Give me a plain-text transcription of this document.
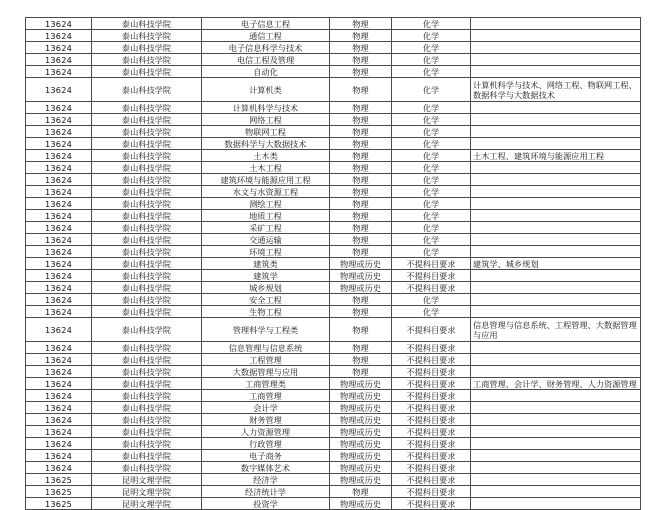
13624	泰山科技学院	电子信息工程	物理	化学	
13624	泰山科技学院	通信工程	物理	化学	
13624	泰山科技学院	电子信息科学与技术	物理	化学	
13624	泰山科技学院	电信工程及管理	物理	化学	
13624	泰山科技学院	自动化	物理	化学	
13624	泰山科技学院	计算机类	物理	化学	计算机科学与技术、网络工程、物联网工程、数据科学与大数据技术
13624	泰山科技学院	计算机科学与技术	物理	化学	
13624	泰山科技学院	网络工程	物理	化学	
13624	泰山科技学院	物联网工程	物理	化学	
13624	泰山科技学院	数据科学与大数据技术	物理	化学	
13624	泰山科技学院	土木类	物理	化学	土木工程、建筑环境与能源应用工程
13624	泰山科技学院	土木工程	物理	化学	
13624	泰山科技学院	建筑环境与能源应用工程	物理	化学	
13624	泰山科技学院	水文与水资源工程	物理	化学	
13624	泰山科技学院	测绘工程	物理	化学	
13624	泰山科技学院	地质工程	物理	化学	
13624	泰山科技学院	采矿工程	物理	化学	
13624	泰山科技学院	交通运输	物理	化学	
13624	泰山科技学院	环境工程	物理	化学	
13624	泰山科技学院	建筑类	物理或历史	不提科目要求	建筑学、城乡规划
13624	泰山科技学院	建筑学	物理或历史	不提科目要求	
13624	泰山科技学院	城乡规划	物理或历史	不提科目要求	
13624	泰山科技学院	安全工程	物理	化学	
13624	泰山科技学院	生物工程	物理	化学	
13624	泰山科技学院	管理科学与工程类	物理	不提科目要求	信息管理与信息系统、工程管理、大数据管理与应用
13624	泰山科技学院	信息管理与信息系统	物理	不提科目要求	
13624	泰山科技学院	工程管理	物理	不提科目要求	
13624	泰山科技学院	大数据管理与应用	物理	不提科目要求	
13624	泰山科技学院	工商管理类	物理或历史	不提科目要求	工商管理、会计学、财务管理、人力资源管理
13624	泰山科技学院	工商管理	物理或历史	不提科目要求	
13624	泰山科技学院	会计学	物理或历史	不提科目要求	
13624	泰山科技学院	财务管理	物理或历史	不提科目要求	
13624	泰山科技学院	人力资源管理	物理或历史	不提科目要求	
13624	泰山科技学院	行政管理	物理或历史	不提科目要求	
13624	泰山科技学院	电子商务	物理或历史	不提科目要求	
13624	泰山科技学院	数字媒体艺术	物理或历史	不提科目要求	
13625	昆明文理学院	经济学	物理或历史	不提科目要求	
13625	昆明文理学院	经济统计学	物理	不提科目要求	
13625	昆明文理学院	投资学	物理或历史	不提科目要求	
